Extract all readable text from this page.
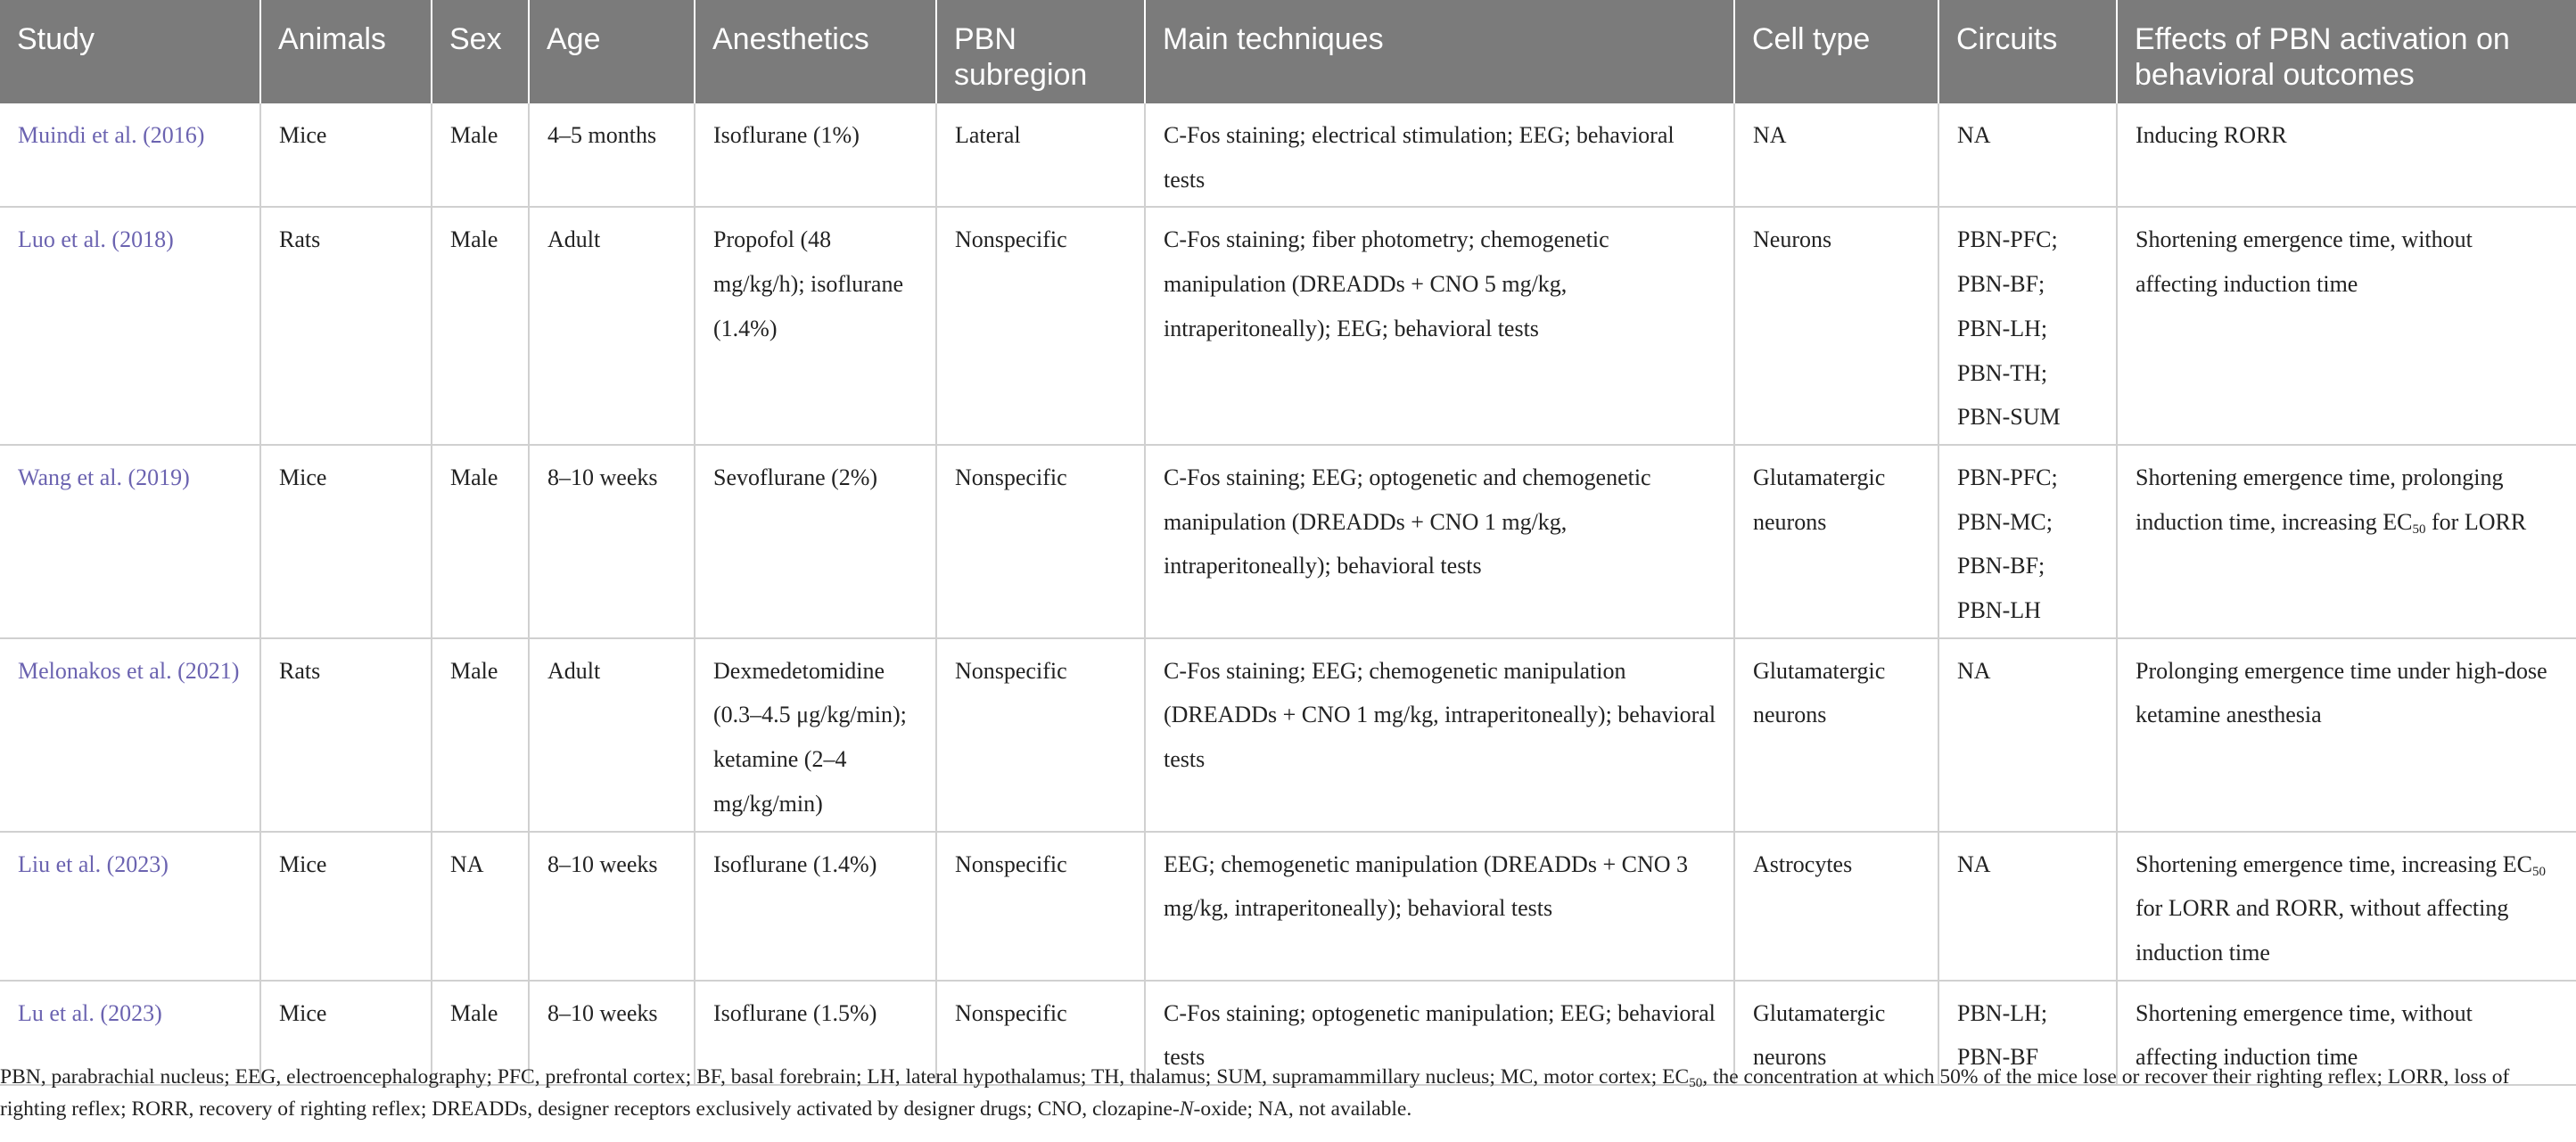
Study	Animals	Sex	Age	Anesthetics	PBN subregion	Main techniques	Cell type	Circuits	Effects of PBN activation on behavioral outcomes
Muindi et al. (2016)	Mice	Male	4–5 months	Isoflurane (1%)	Lateral	C-Fos staining; electrical stimulation; EEG; behavioral tests	NA	NA	Inducing RORR
Luo et al. (2018)	Rats	Male	Adult	Propofol (48 mg/kg/h); isoflurane (1.4%)	Nonspecific	C-Fos staining; fiber photometry; chemogenetic manipulation (DREADDs + CNO 5 mg/kg, intraperitoneally); EEG; behavioral tests	Neurons	PBN-PFC; PBN-BF; PBN-LH; PBN-TH; PBN-SUM	Shortening emergence time, without affecting induction time
Wang et al. (2019)	Mice	Male	8–10 weeks	Sevoflurane (2%)	Nonspecific	C-Fos staining; EEG; optogenetic and chemogenetic manipulation (DREADDs + CNO 1 mg/kg, intraperitoneally); behavioral tests	Glutamatergic neurons	PBN-PFC; PBN-MC; PBN-BF; PBN-LH	Shortening emergence time, prolonging induction time, increasing $EC_{50}$ for LORR
Melonakos et al. (2021)	Rats	Male	Adult	Dexmedetomidine (0.3–4.5 μg/kg/min); ketamine (2–4 mg/kg/min)	Nonspecific	C-Fos staining; EEG; chemogenetic manipulation (DREADDs + CNO 1 mg/kg, intraperitoneally); behavioral tests	Glutamatergic neurons	NA	Prolonging emergence time under high-dose ketamine anesthesia
Liu et al. (2023)	Mice	NA	8–10 weeks	Isoflurane (1.4%)	Nonspecific	EEG; chemogenetic manipulation (DREADDs + CNO 3 mg/kg, intraperitoneally); behavioral tests	Astrocytes	NA	Shortening emergence time, increasing $EC_{50}$ for LORR and RORR, without affecting induction time
Lu et al. (2023)	Mice	Male	8–10 weeks	Isoflurane (1.5%)	Nonspecific	C-Fos staining; optogenetic manipulation; EEG; behavioral tests	Glutamatergic neurons	PBN-LH; PBN-BF	Shortening emergence time, without affecting induction time
PBN, parabrachial nucleus; EEG, electroencephalography; PFC, prefrontal cortex; BF, basal forebrain; LH, lateral hypothalamus; TH, thalamus; SUM, supramammillary nucleus; MC, motor cortex; $EC_{50}$, the concentration at which 50% of the mice lose or recover their righting reflex; LORR, loss of righting reflex; RORR, recovery of righting reflex; DREADDs, designer receptors exclusively activated by designer drugs; CNO, clozapine-N-oxide; NA, not available.
